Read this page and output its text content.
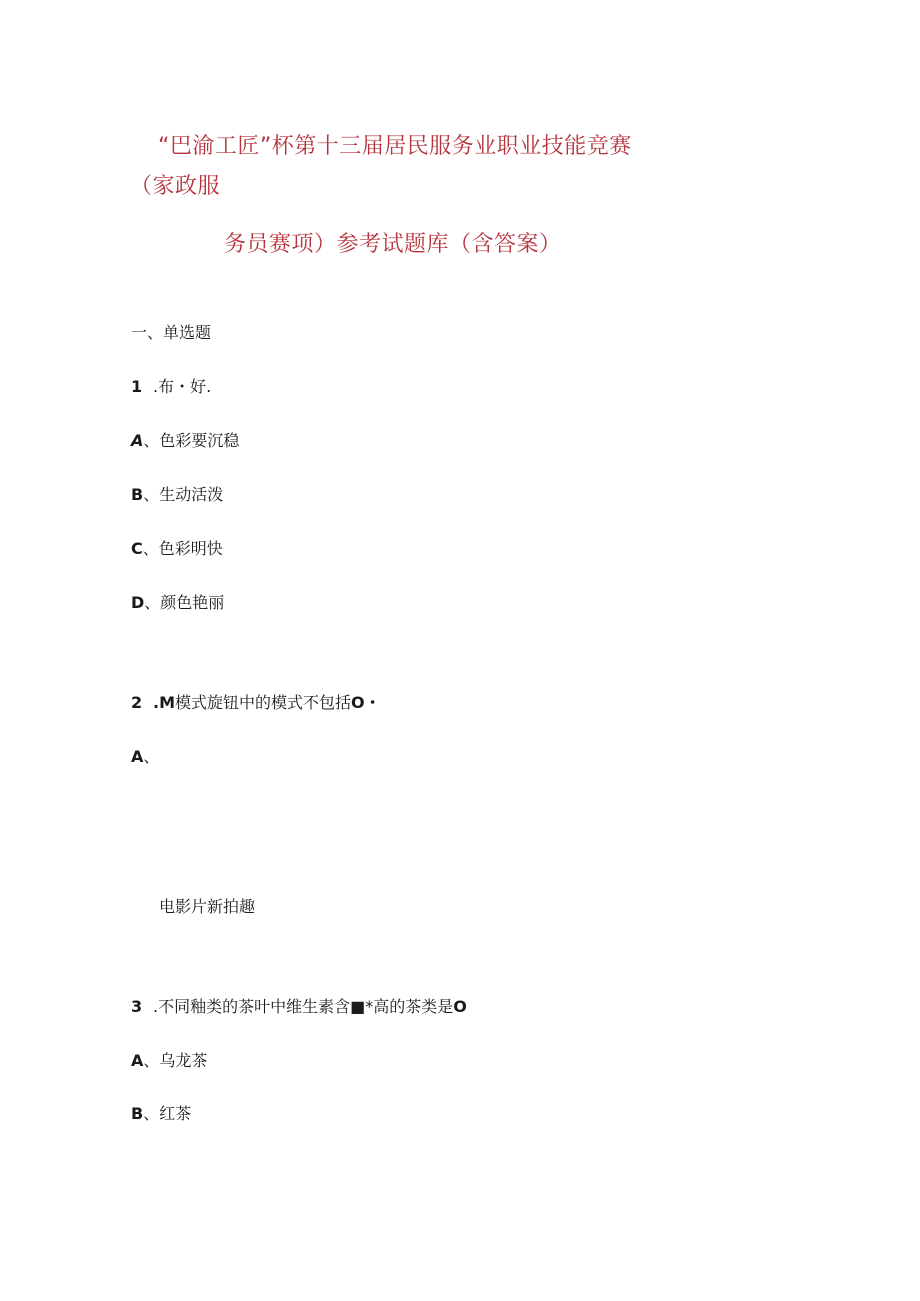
“巴渝工匠”杯第十三届居民服务业职业技能竞赛
（家政服
务员赛项）参考试题库（含答案）

一、单选题

1 .布・好.

A、色彩要沉稳

B、生动活泼

C、色彩明快

D、颜色艳丽

2 .M模式旋钮中的模式不包括O・

A、

电影片新拍趣

3 .不同釉类的茶叶中维生素含■*高的茶类是O

A、乌龙茶

B、红茶
